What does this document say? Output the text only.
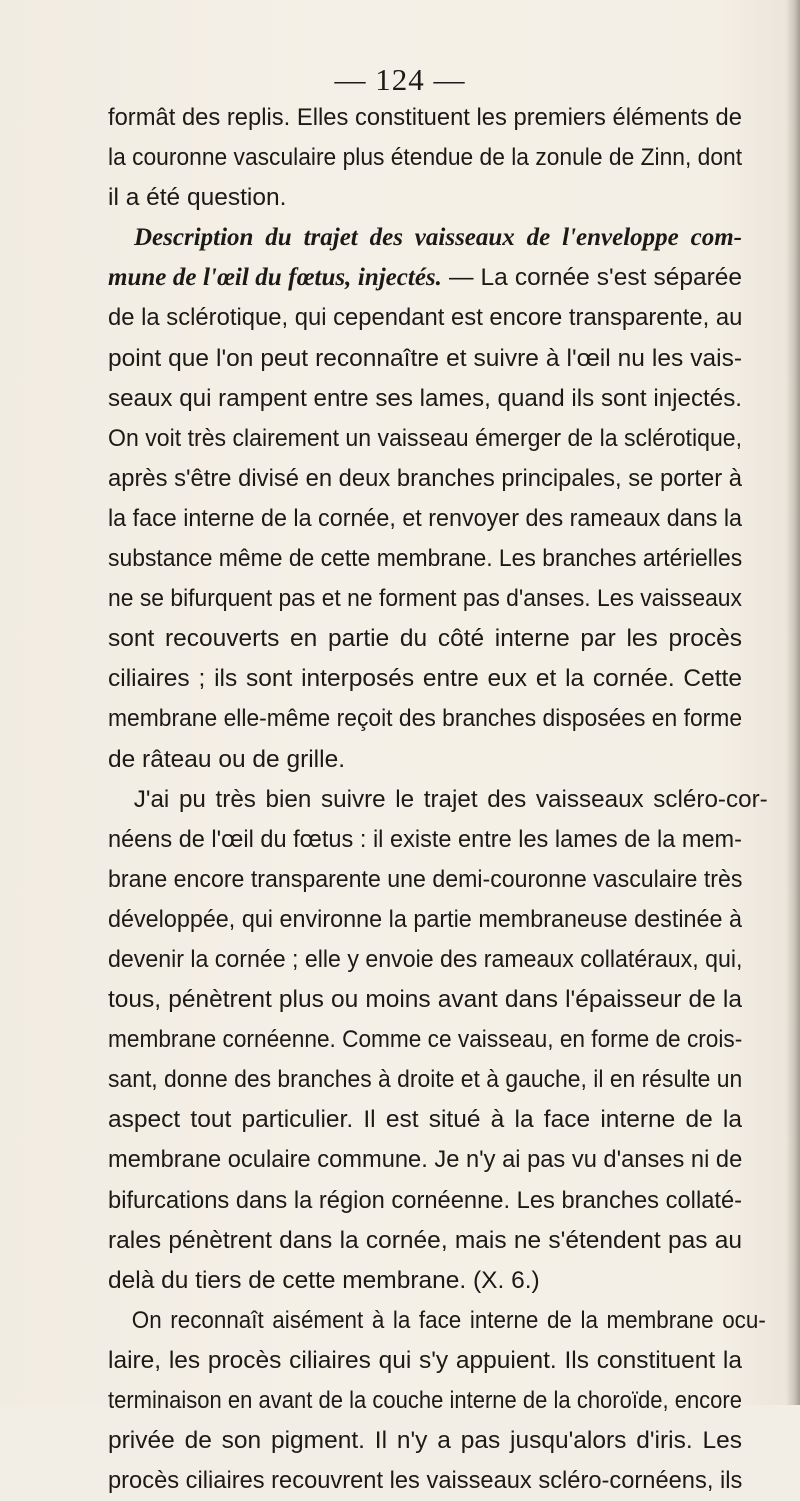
— 124 —
formât des replis. Elles constituent les premiers éléments de
la couronne vasculaire plus étendue de la zonule de Zinn, dont
il a été question.
Description du trajet des vaisseaux de l'enveloppe com-
mune de l'œil du fœtus, injectés. — La cornée s'est séparée
de la sclérotique, qui cependant est encore transparente, au
point que l'on peut reconnaître et suivre à l'œil nu les vais-
seaux qui rampent entre ses lames, quand ils sont injectés.
On voit très clairement un vaisseau émerger de la sclérotique,
après s'être divisé en deux branches principales, se porter à
la face interne de la cornée, et renvoyer des rameaux dans la
substance même de cette membrane. Les branches artérielles
ne se bifurquent pas et ne forment pas d'anses. Les vaisseaux
sont recouverts en partie du côté interne par les procès
ciliaires ; ils sont interposés entre eux et la cornée. Cette
membrane elle-même reçoit des branches disposées en forme
de râteau ou de grille.
J'ai pu très bien suivre le trajet des vaisseaux scléro-cor-
néens de l'œil du fœtus : il existe entre les lames de la mem-
brane encore transparente une demi-couronne vasculaire très
développée, qui environne la partie membraneuse destinée à
devenir la cornée ; elle y envoie des rameaux collatéraux, qui,
tous, pénètrent plus ou moins avant dans l'épaisseur de la
membrane cornéenne. Comme ce vaisseau, en forme de crois-
sant, donne des branches à droite et à gauche, il en résulte un
aspect tout particulier. Il est situé à la face interne de la
membrane oculaire commune. Je n'y ai pas vu d'anses ni de
bifurcations dans la région cornéenne. Les branches collaté-
rales pénètrent dans la cornée, mais ne s'étendent pas au
delà du tiers de cette membrane. (X. 6.)
On reconnaît aisément à la face interne de la membrane ocu-
laire, les procès ciliaires qui s'y appuient. Ils constituent la
terminaison en avant de la couche interne de la choroïde, encore
privée de son pigment. Il n'y a pas jusqu'alors d'iris. Les
procès ciliaires recouvrent les vaisseaux scléro-cornéens, ils
